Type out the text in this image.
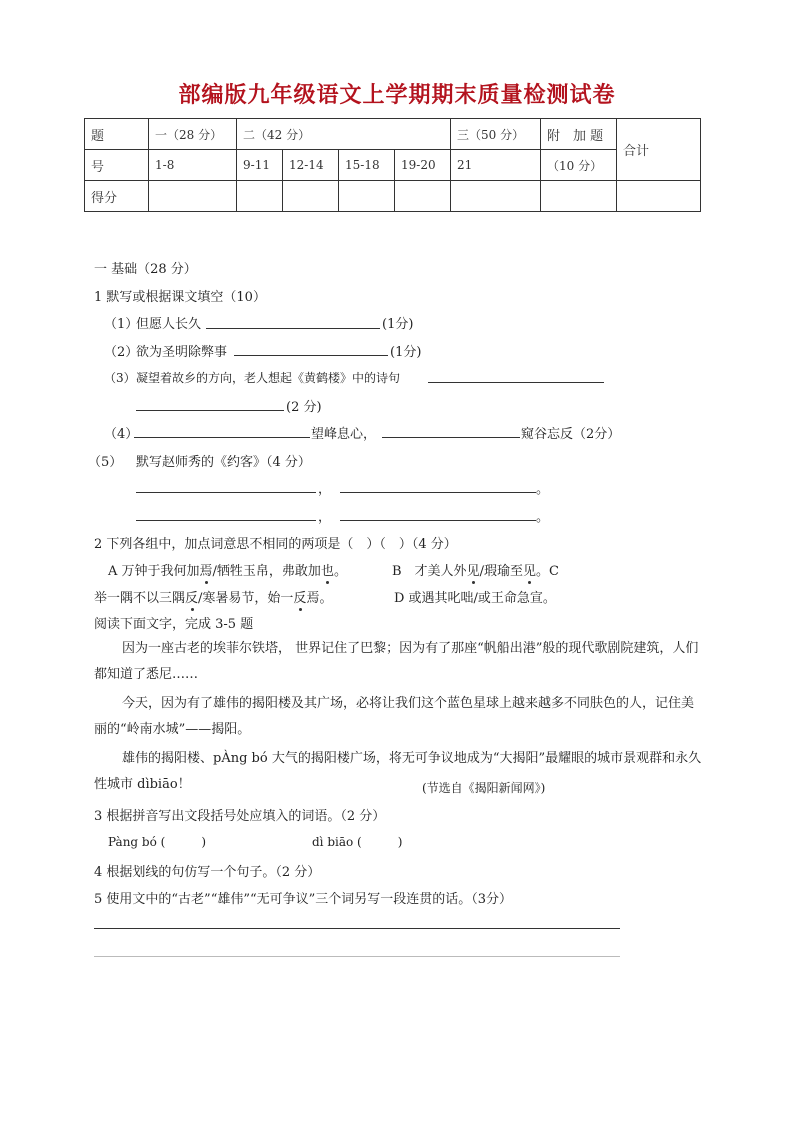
部编版九年级语文上学期期末质量检测试卷
题	一（28 分）	二（42 分）				三（50 分）	附　加 题	合计
号	1-8	9-11	12-14	15-18	19-20	21	（10 分）	
得分								
一 基础（28 分）
1 默写或根据课文填空（10）
（1）
但愿人长久	(1分)
（2）
欲为圣明除弊事	(1分)
（3） 凝望着故乡的方向，老人想起《黄鹤楼》中的诗句
(2 分)
（4）	望峰息心，	窥谷忘反（2分）
（5） 默写赵师秀的《约客》（4 分）
，	。
，	。
2 下列各组中，加点词意思不相同的两项是（　）（　）（4 分）
A 万钟于我何加焉/牺牲玉帛，弗敢加也。	B　才美人外见/瑕瑜至见。C
举一隅不以三隅反/寒暑易节，始一反焉。	D 或遇其叱咄/或王命急宣。
阅读下面文字，完成 3-5 题
因为一座古老的埃菲尔铁塔， 世界记住了巴黎；因为有了那座“帆船出港”般的现代歌剧院建筑，人们都知道了悉尼……
今天，因为有了雄伟的揭阳楼及其广场，必将让我们这个蓝色星球上越来越多不同肤色的人，记住美丽的“岭南水城”——揭阳。
雄伟的揭阳楼、pÀng bó 大气的揭阳楼广场，将无可争议地成为“大揭阳”最耀眼的城市景观群和永久性城市 dìbiāo！	(节选自《揭阳新闻网》)
3 根据拼音写出文段括号处应填入的词语。（2 分）
Pàng bó (　　　)	dì biāo (　　　)
4 根据划线的句仿写一个句子。（2 分）
5 使用文中的“古老”“雄伟”“无可争议”三个词另写一段连贯的话。（3分）
